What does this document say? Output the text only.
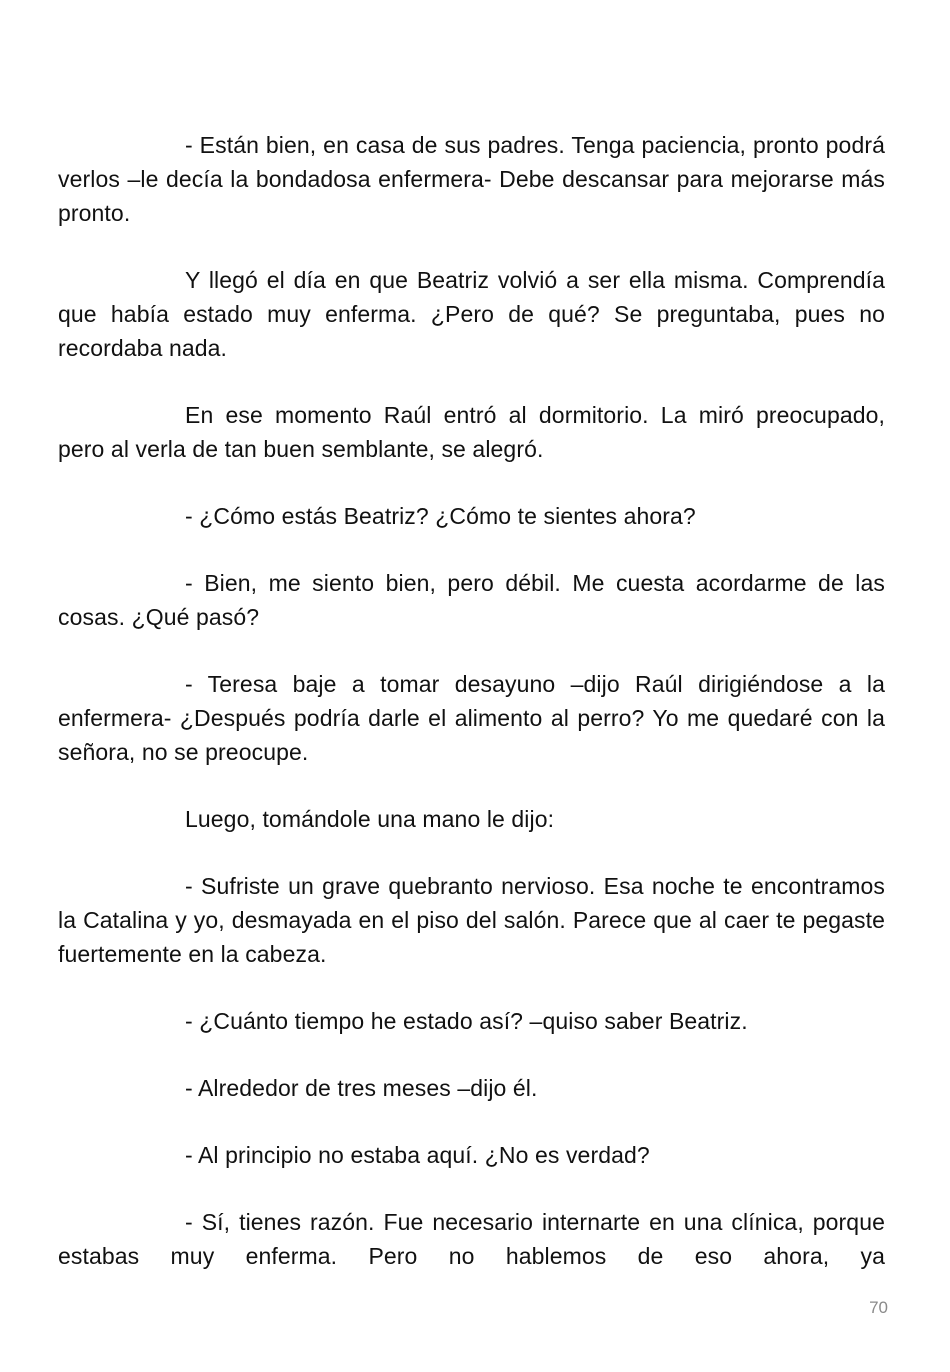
- Están bien, en casa de sus padres. Tenga paciencia, pronto podrá verlos –le decía la bondadosa enfermera- Debe descansar para mejorarse más pronto.

Y llegó el día en que Beatriz volvió a ser ella misma. Comprendía que había estado muy enferma. ¿Pero de qué? Se preguntaba, pues no recordaba nada.

En ese momento Raúl entró al dormitorio. La miró preocupado, pero al verla de tan buen semblante, se alegró.

- ¿Cómo estás Beatriz? ¿Cómo te sientes ahora?

- Bien, me siento bien, pero débil. Me cuesta acordarme de las cosas. ¿Qué pasó?

- Teresa baje a tomar desayuno –dijo Raúl dirigiéndose a la enfermera- ¿Después podría darle el alimento al perro? Yo me quedaré con la señora, no se preocupe.

Luego, tomándole una mano le dijo:

- Sufriste un grave quebranto nervioso. Esa noche te encontramos la Catalina y yo, desmayada en el piso del salón. Parece que al caer te pegaste fuertemente en la cabeza.

- ¿Cuánto tiempo he estado así? –quiso saber Beatriz.

- Alrededor de tres meses –dijo él.

- Al principio no estaba aquí. ¿No es verdad?

- Sí, tienes razón. Fue necesario internarte en una clínica, porque estabas muy enferma. Pero no hablemos de eso ahora, ya

70
